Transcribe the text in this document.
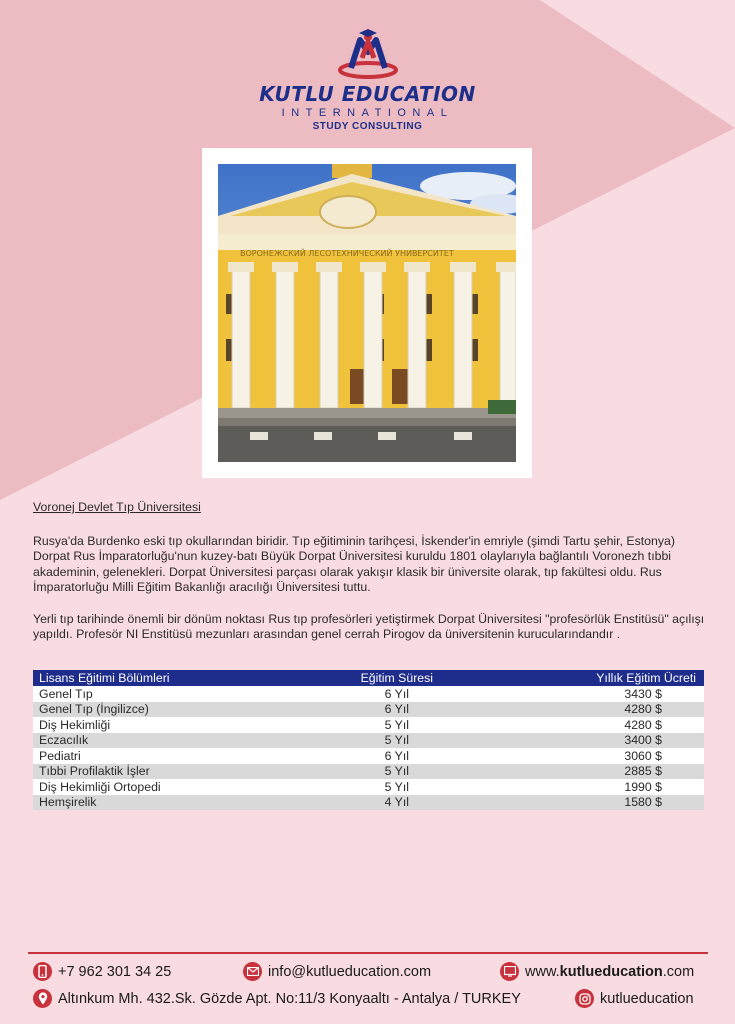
KUTLU EDUCATION
INTERNATIONAL
STUDY CONSULTING
ВОРОНЕЖСКИЙ ЛЕСОТЕХНИЧЕСКИЙ УНИВЕРСИТЕТ
Voronej Devlet Tıp Üniversitesi

Rusya'da Burdenko eski tıp okullarından biridir. Tıp eğitiminin tarihçesi, İskender'in emriyle (şimdi Tartu şehir, Estonya) Dorpat Rus İmparatorluğu'nun kuzey-batı Büyük Dorpat Üniversitesi kuruldu 1801 olaylarıyla bağlantılı Voronezh tıbbi akademinin, gelenekleri. Dorpat Üniversitesi parçası olarak yakışır klasik bir üniversite olarak, tıp fakültesi oldu. Rus İmparatorluğu Milli Eğitim Bakanlığı aracılığı Üniversitesi tuttu.

Yerli tıp tarihinde önemli bir dönüm noktası Rus tıp profesörleri yetiştirmek Dorpat Üniversitesi "profesörlük Enstitüsü" açılışı yapıldı. Profesör NI Enstitüsü mezunları arasından genel cerrah Pirogov da üniversitenin kurucularındandır .

Lisans Eğitimi Bölümleri	Eğitim Süresi	Yıllık Eğitim Ücreti
Genel Tıp	6 Yıl	3430 $
Genel Tıp (İngilizce)	6 Yıl	4280 $
Diş Hekimliği	5 Yıl	4280 $
Eczacılık	5 Yıl	3400 $
Pediatri	6 Yıl	3060 $
Tıbbi Profilaktik İşler	5 Yıl	2885 $
Diş Hekimliği Ortopedi	5 Yıl	1990 $
Hemşirelik	4 Yıl	1580 $
+7 962 301 34 25	info@kutlueducation.com	www. kutlueducation .com
Altınkum Mh. 432.Sk. Gözde Apt. No:11/3 Konyaaltı - Antalya / TURKEY	kutlueducation
